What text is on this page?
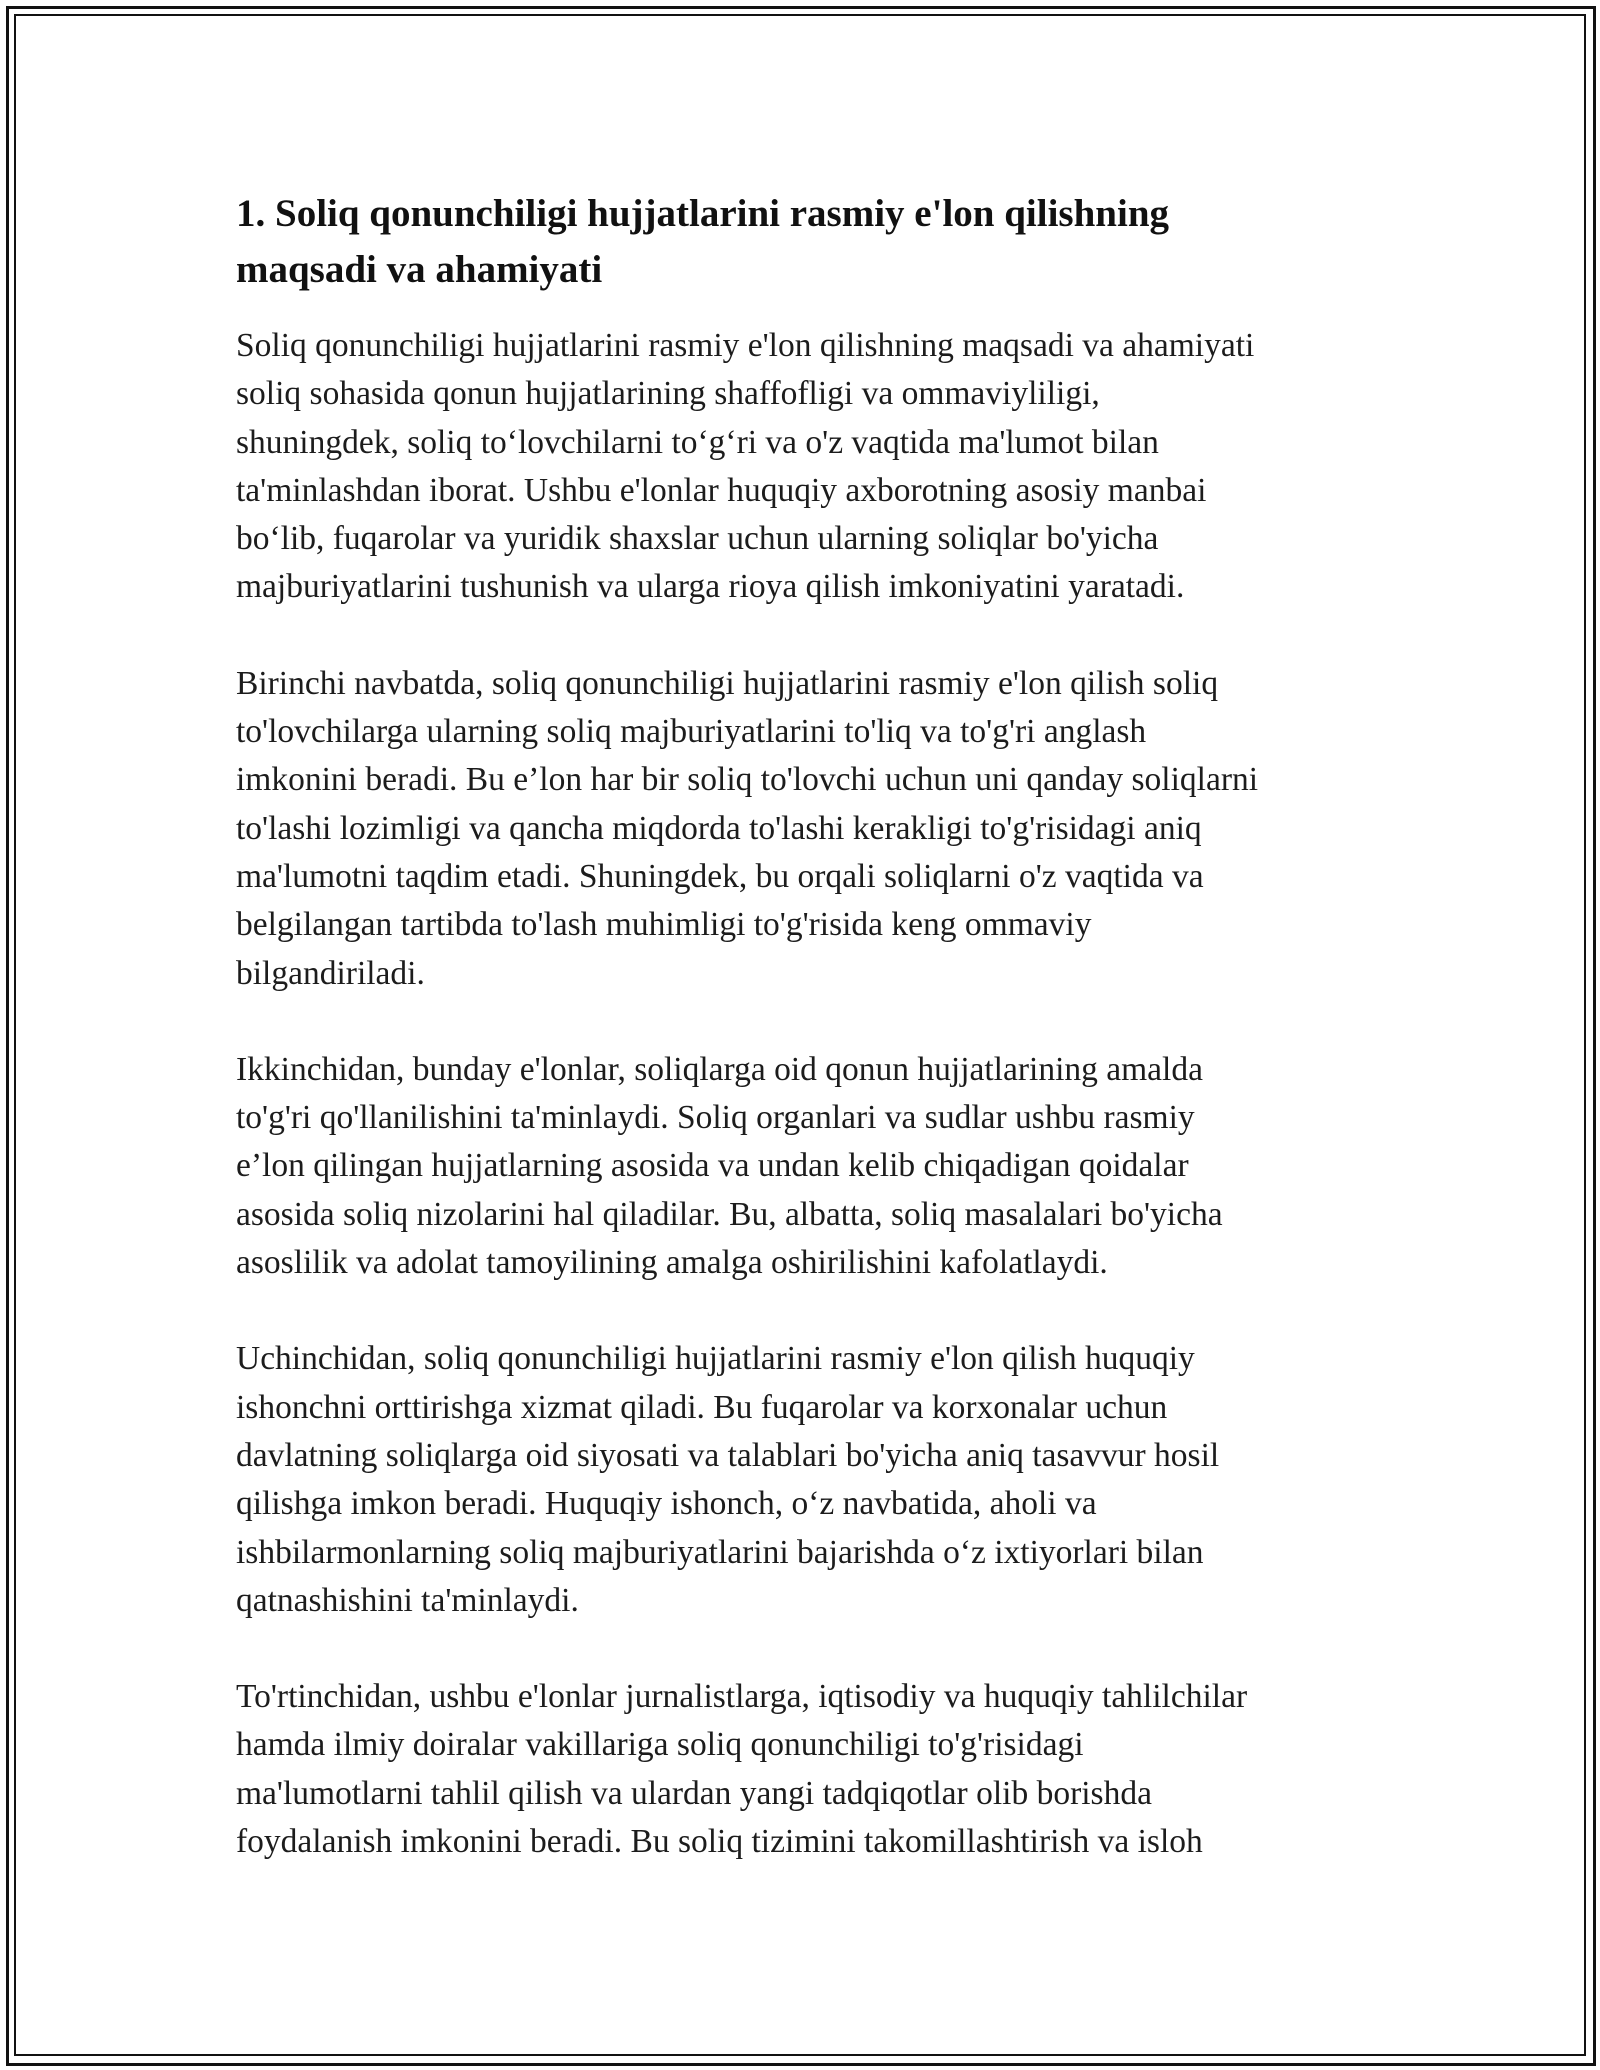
1. Soliq qonunchiligi hujjatlarini rasmiy e'lon qilishning
maqsadi va ahamiyati

Soliq qonunchiligi hujjatlarini rasmiy e'lon qilishning maqsadi va ahamiyati
soliq sohasida qonun hujjatlarining shaffofligi va ommaviyliligi,
shuningdek, soliq to‘lovchilarni to‘g‘ri va o'z vaqtida ma'lumot bilan
ta'minlashdan iborat. Ushbu e'lonlar huquqiy axborotning asosiy manbai
bo‘lib, fuqarolar va yuridik shaxslar uchun ularning soliqlar bo'yicha
majburiyatlarini tushunish va ularga rioya qilish imkoniyatini yaratadi.

Birinchi navbatda, soliq qonunchiligi hujjatlarini rasmiy e'lon qilish soliq
to'lovchilarga ularning soliq majburiyatlarini to'liq va to'g'ri anglash
imkonini beradi. Bu e’lon har bir soliq to'lovchi uchun uni qanday soliqlarni
to'lashi lozimligi va qancha miqdorda to'lashi kerakligi to'g'risidagi aniq
ma'lumotni taqdim etadi. Shuningdek, bu orqali soliqlarni o'z vaqtida va
belgilangan tartibda to'lash muhimligi to'g'risida keng ommaviy
bilgandiriladi.

Ikkinchidan, bunday e'lonlar, soliqlarga oid qonun hujjatlarining amalda
to'g'ri qo'llanilishini ta'minlaydi. Soliq organlari va sudlar ushbu rasmiy
e’lon qilingan hujjatlarning asosida va undan kelib chiqadigan qoidalar
asosida soliq nizolarini hal qiladilar. Bu, albatta, soliq masalalari bo'yicha
asoslilik va adolat tamoyilining amalga oshirilishini kafolatlaydi.

Uchinchidan, soliq qonunchiligi hujjatlarini rasmiy e'lon qilish huquqiy
ishonchni orttirishga xizmat qiladi. Bu fuqarolar va korxonalar uchun
davlatning soliqlarga oid siyosati va talablari bo'yicha aniq tasavvur hosil
qilishga imkon beradi. Huquqiy ishonch, o‘z navbatida, aholi va
ishbilarmonlarning soliq majburiyatlarini bajarishda o‘z ixtiyorlari bilan
qatnashishini ta'minlaydi.

To'rtinchidan, ushbu e'lonlar jurnalistlarga, iqtisodiy va huquqiy tahlilchilar
hamda ilmiy doiralar vakillariga soliq qonunchiligi to'g'risidagi
ma'lumotlarni tahlil qilish va ulardan yangi tadqiqotlar olib borishda
foydalanish imkonini beradi. Bu soliq tizimini takomillashtirish va isloh
